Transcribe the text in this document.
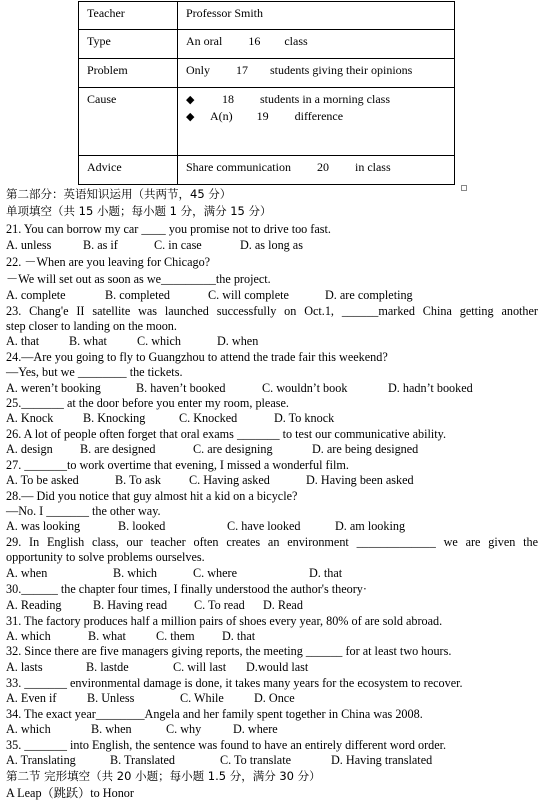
Teacher	Professor Smith
Type	An oral 16 class
Problem	Only 17 students giving their opinions
Cause	◆ 18 students in a morning class
◆ A(n) 19 difference

Advice	Share communication 20 in class
第二部分：英语知识运用（共两节，45 分）
单项填空（共 15 小题；每小题 1 分，满分 15 分）
21. You can borrow my car ____ you promise not to drive too fast.
A. unless	B. as if	C. in case	D. as long as
22. －When are you leaving for Chicago?
－We will set out as soon as we_________the project.
A. complete	B. completed	C. will complete	D. are completing
23. Chang'e II satellite was launched successfully on Oct.1, ______marked China getting another
step closer to landing on the moon.
A. that B. what C. which	D. when
24.—Are you going to fly to Guangzhou to attend the trade fair this weekend?
—Yes, but we ________ the tickets.
A. weren’t booking	B. haven’t booked	C. wouldn’t book	D. hadn’t booked
25._______ at the door before you enter my room, please.
A. Knock B. Knocking	C. Knocked	D. To knock
26. A lot of people often forget that oral exams _______ to test our communicative ability.
A. design B. are designed	C. are designing	D. are being designed
27. _______to work overtime that evening, I missed a wonderful film.
A. To be asked	B. To ask C. Having asked	D. Having been asked
28.— Did you notice that guy almost hit a kid on a bicycle?
—No. I _______ the other way.
A. was looking	B. looked	C. have looked	D. am looking
29. In English class, our teacher often creates an environment _____________ we are given the
opportunity to solve problems ourselves.
A. when	B. which	C. where	D. that
30.______ the chapter four times, I finally understood the author's theory·
A. Reading	B. Having read C. To read D. Read
31. The factory produces half a million pairs of shoes every year, 80% of are sold abroad.
A. which	B. what C. them D. that
32. Since there are five managers giving reports, the meeting ______ for at least two hours.
A. lasts	B. lastde	C. will last D.would last
33. _______ environmental damage is done, it takes many years for the ecosystem to recover.
A. Even if	B. Unless	C. While D. Once
34. The exact year________Angela and her family spent together in China was 2008.
A. which	B. when	C. why	D. where
35. _______ into English, the sentence was found to have an entirely different word order.
A. Translating	B. Translated	C. To translate	D. Having translated
第二节 完形填空（共 20 小题；每小题 1.5 分，满分 30 分）
A Leap（跳跃）to Honor
